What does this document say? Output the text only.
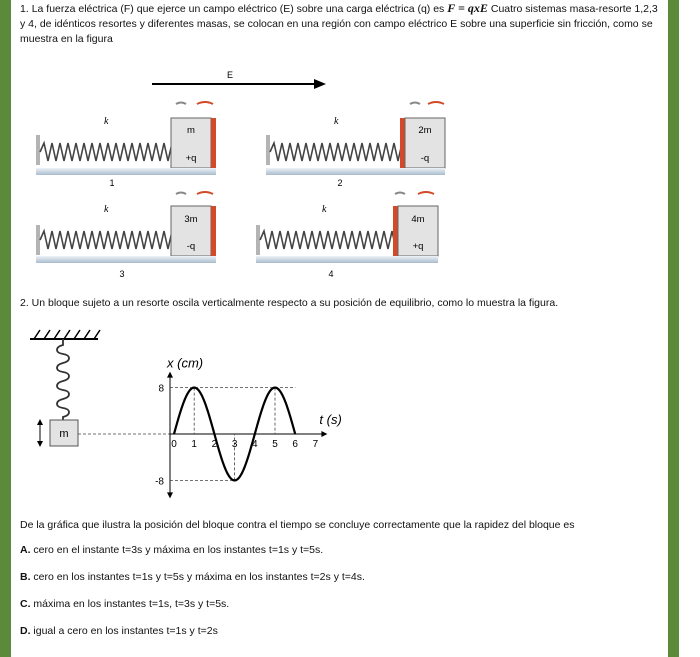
1. La fuerza eléctrica (F) que ejerce un campo eléctrico (E) sobre una carga eléctrica (q) es F = qxE Cuatro sistemas masa-resorte 1,2,3 y 4, de idénticos resortes y diferentes masas, se colocan en una región con campo eléctrico E sobre una superficie sin fricción, como se muestra en la figura
E
k
m
+q
1
k
2m
-q
2
k
3m
-q
3
k
4m
+q
4
2. Un bloque sujeto a un resorte oscila verticalmente respecto a su posición de equilibrio, como lo muestra la figura.
m
x (cm)
t (s)
8
-8
0 1 2 3 4 5 6 7
De la gráfica que ilustra la posición del bloque contra el tiempo se concluye correctamente que la rapidez del bloque es
A. cero en el instante t=3s y máxima en los instantes t=1s y t=5s.
B. cero en los instantes t=1s y t=5s y máxima en los instantes t=2s y t=4s.
C. máxima en los instantes t=1s, t=3s y t=5s.
D. igual a cero en los instantes t=1s y t=2s
